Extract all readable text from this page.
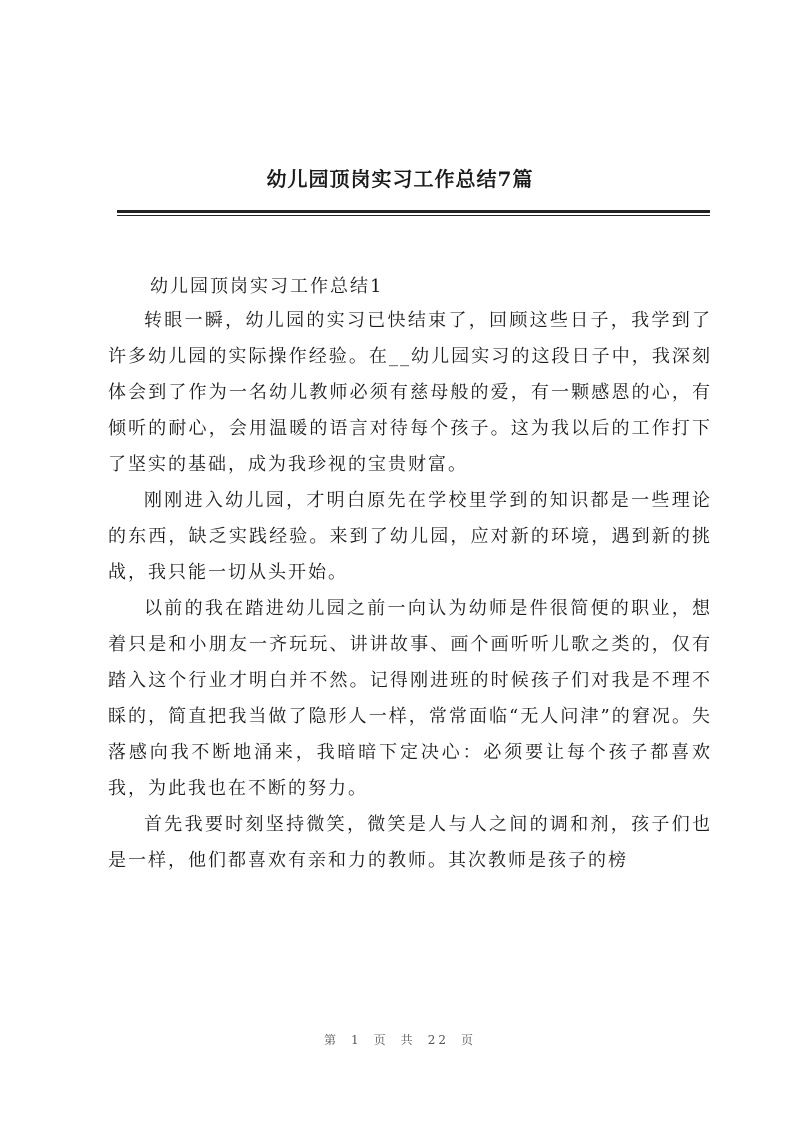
幼儿园顶岗实习工作总结7篇
幼儿园顶岗实习工作总结1

转眼一瞬，幼儿园的实习已快结束了，回顾这些日子，我学到了许多幼儿园的实际操作经验。在__幼儿园实习的这段日子中，我深刻体会到了作为一名幼儿教师必须有慈母般的爱，有一颗感恩的心，有倾听的耐心，会用温暖的语言对待每个孩子。这为我以后的工作打下了坚实的基础，成为我珍视的宝贵财富。

刚刚进入幼儿园，才明白原先在学校里学到的知识都是一些理论的东西，缺乏实践经验。来到了幼儿园，应对新的环境，遇到新的挑战，我只能一切从头开始。

以前的我在踏进幼儿园之前一向认为幼师是件很简便的职业，想着只是和小朋友一齐玩玩、讲讲故事、画个画听听儿歌之类的，仅有踏入这个行业才明白并不然。记得刚进班的时候孩子们对我是不理不睬的，简直把我当做了隐形人一样，常常面临“无人问津”的窘况。失落感向我不断地涌来，我暗暗下定决心：必须要让每个孩子都喜欢我，为此我也在不断的努力。

首先我要时刻坚持微笑，微笑是人与人之间的调和剂，孩子们也是一样，他们都喜欢有亲和力的教师。其次教师是孩子的榜

第 1 页 共 22 页
